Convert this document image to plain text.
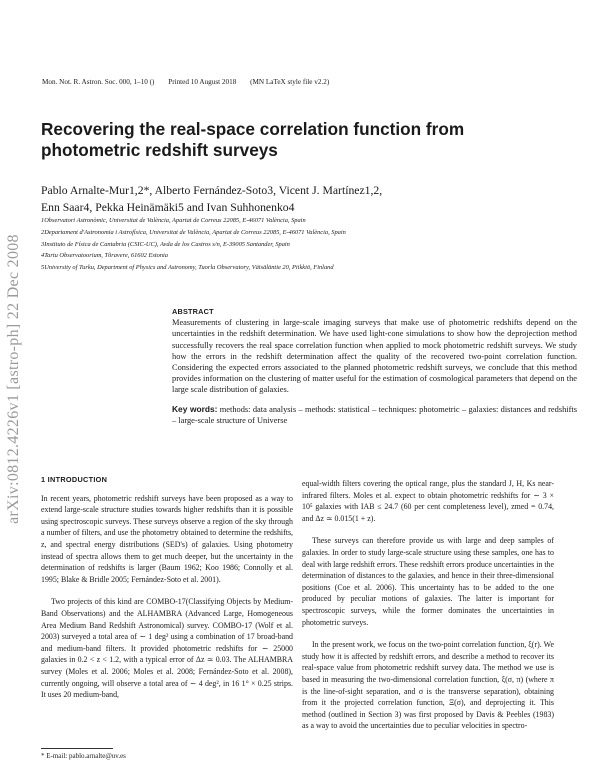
arXiv:0812.4226v1 [astro-ph] 22 Dec 2008
Mon. Not. R. Astron. Soc. 000, 1–10 () Printed 10 August 2018 (MN LaTeX style file v2.2)
Recovering the real-space correlation function from
photometric redshift surveys
Pablo Arnalte-Mur1,2*, Alberto Fernández-Soto3, Vicent J. Martínez1,2,
Enn Saar4, Pekka Heinämäki5 and Ivan Suhhonenko4
1Observatori Astronòmic, Universitat de València, Apartat de Correus 22085, E-46071 València, Spain
2Departament d'Astronomia i Astrofísica, Universitat de València, Apartat de Correus 22085, E-46071 València, Spain
3Instituto de Física de Cantabria (CSIC-UC), Avda de los Castros s/n, E-39005 Santander, Spain
4Tartu Observatoorium, Tõravere, 61602 Estonia
5University of Turku, Department of Physics and Astronomy, Tuorla Observatory, Väisäläntie 20, Piikkiö, Finland
ABSTRACT

Measurements of clustering in large-scale imaging surveys that make use of photometric redshifts depend on the uncertainties in the redshift determination. We have used light-cone simulations to show how the deprojection method successfully recovers the real space correlation function when applied to mock photometric redshift surveys. We study how the errors in the redshift determination affect the quality of the recovered two-point correlation function. Considering the expected errors associated to the planned photometric redshift surveys, we conclude that this method provides information on the clustering of matter useful for the estimation of cosmological parameters that depend on the large scale distribution of galaxies.

Key words: methods: data analysis – methods: statistical – techniques: photometric – galaxies: distances and redshifts – large-scale structure of Universe

1 INTRODUCTION

In recent years, photometric redshift surveys have been proposed as a way to extend large-scale structure studies towards higher redshifts than it is possible using spectroscopic surveys. These surveys observe a region of the sky through a number of filters, and use the photometry obtained to determine the redshifts, z, and spectral energy distributions (SED's) of galaxies. Using photometry instead of spectra allows them to get much deeper, but the uncertainty in the determination of redshifts is larger (Baum 1962; Koo 1986; Connolly et al. 1995; Blake & Bridle 2005; Fernández-Soto et al. 2001).

Two projects of this kind are COMBO-17(Classifying Objects by Medium-Band Observations) and the ALHAMBRA (Advanced Large, Homogeneous Area Medium Band Redshift Astronomical) survey. COMBO-17 (Wolf et al. 2003) surveyed a total area of ∼ 1 deg² using a combination of 17 broad-band and medium-band filters. It provided photometric redshifts for ∼ 25000 galaxies in 0.2 < z < 1.2, with a typical error of Δz ≃ 0.03. The ALHAMBRA survey (Moles et al. 2006; Moles et al. 2008; Fernández-Soto et al. 2008), currently ongoing, will observe a total area of ∼ 4 deg², in 16 1° × 0.25 strips. It uses 20 medium-band,

equal-width filters covering the optical range, plus the standard J, H, Ks near-infrared filters. Moles et al. expect to obtain photometric redshifts for ∼ 3 × 10⁵ galaxies with IAB ≤ 24.7 (60 per cent completeness level), zmed = 0.74, and Δz ≃ 0.015(1 + z).

These surveys can therefore provide us with large and deep samples of galaxies. In order to study large-scale structure using these samples, one has to deal with large redshift errors. These redshift errors produce uncertainties in the determination of distances to the galaxies, and hence in their three-dimensional positions (Coe et al. 2006). This uncertainty has to be added to the one produced by peculiar motions of galaxies. The latter is important for spectroscopic surveys, while the former dominates the uncertainties in photometric surveys.

In the present work, we focus on the two-point correlation function, ξ(r). We study how it is affected by redshift errors, and describe a method to recover its real-space value from photometric redshift survey data. The method we use is based in measuring the two-dimensional correlation function, ξ(σ, π) (where π is the line-of-sight separation, and σ is the transverse separation), obtaining from it the projected correlation function, Ξ(σ), and deprojecting it. This method (outlined in Section 3) was first proposed by Davis & Peebles (1983) as a way to avoid the uncertainties due to peculiar velocities in spectro-

* E-mail: pablo.arnalte@uv.es
